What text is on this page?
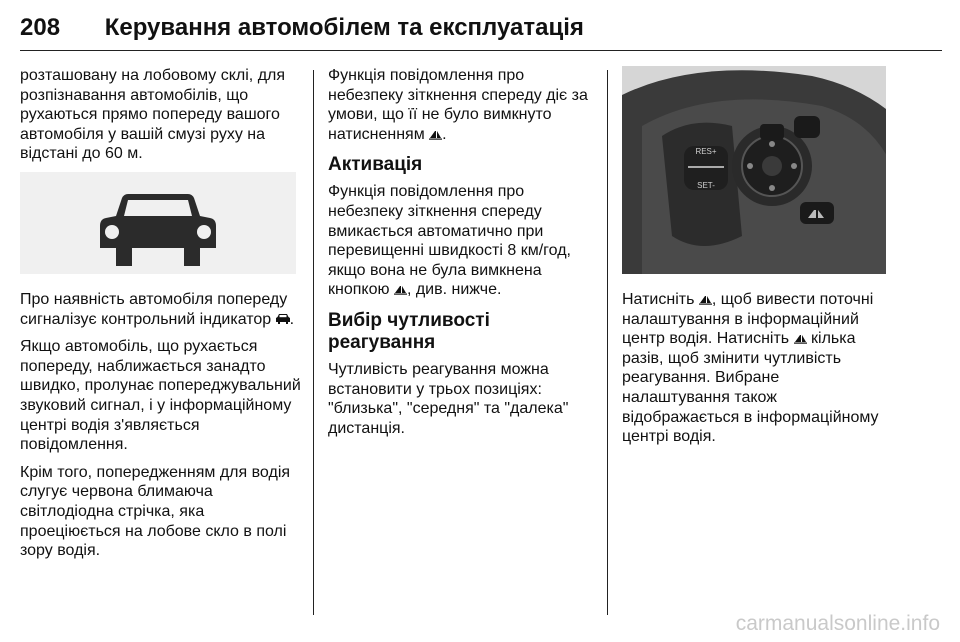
208 Керування автомобілем та експлуатація

розташовану на лобовому склі, для розпізнавання автомобілів, що рухаються прямо попереду вашого автомобіля у вашій смузі руху на відстані до 60 м.

Про наявність автомобіля попереду сигналізує контрольний індикатор .

Якщо автомобіль, що рухається попереду, наближається занадто швидко, пролунає попереджувальний звуковий сигнал, і у інформаційному центрі водія з'являється повідомлення.

Крім того, попередженням для водія слугує червона блимаюча світлодіодна стрічка, яка проеціюється на лобове скло в полі зору водія.

Функція повідомлення про небезпеку зіткнення спереду діє за умови, що її не було вимкнуто натисненням .

Активація

Функція повідомлення про небезпеку зіткнення спереду вмикається автоматично при перевищенні швидкості 8 км/год, якщо вона не була вимкнена кнопкою , див. нижче.

Вибір чутливості реагування

Чутливість реагування можна встановити у трьох позиціях: "близька", "середня" та "далека" дистанція.

RES+
SET-

Натисніть , щоб вивести поточні налаштування в інформаційний центр водія. Натисніть кілька разів, щоб змінити чутливість реагування. Вибране налаштування також відображається в інформаційному центрі водія.

carmanualsonline.info
